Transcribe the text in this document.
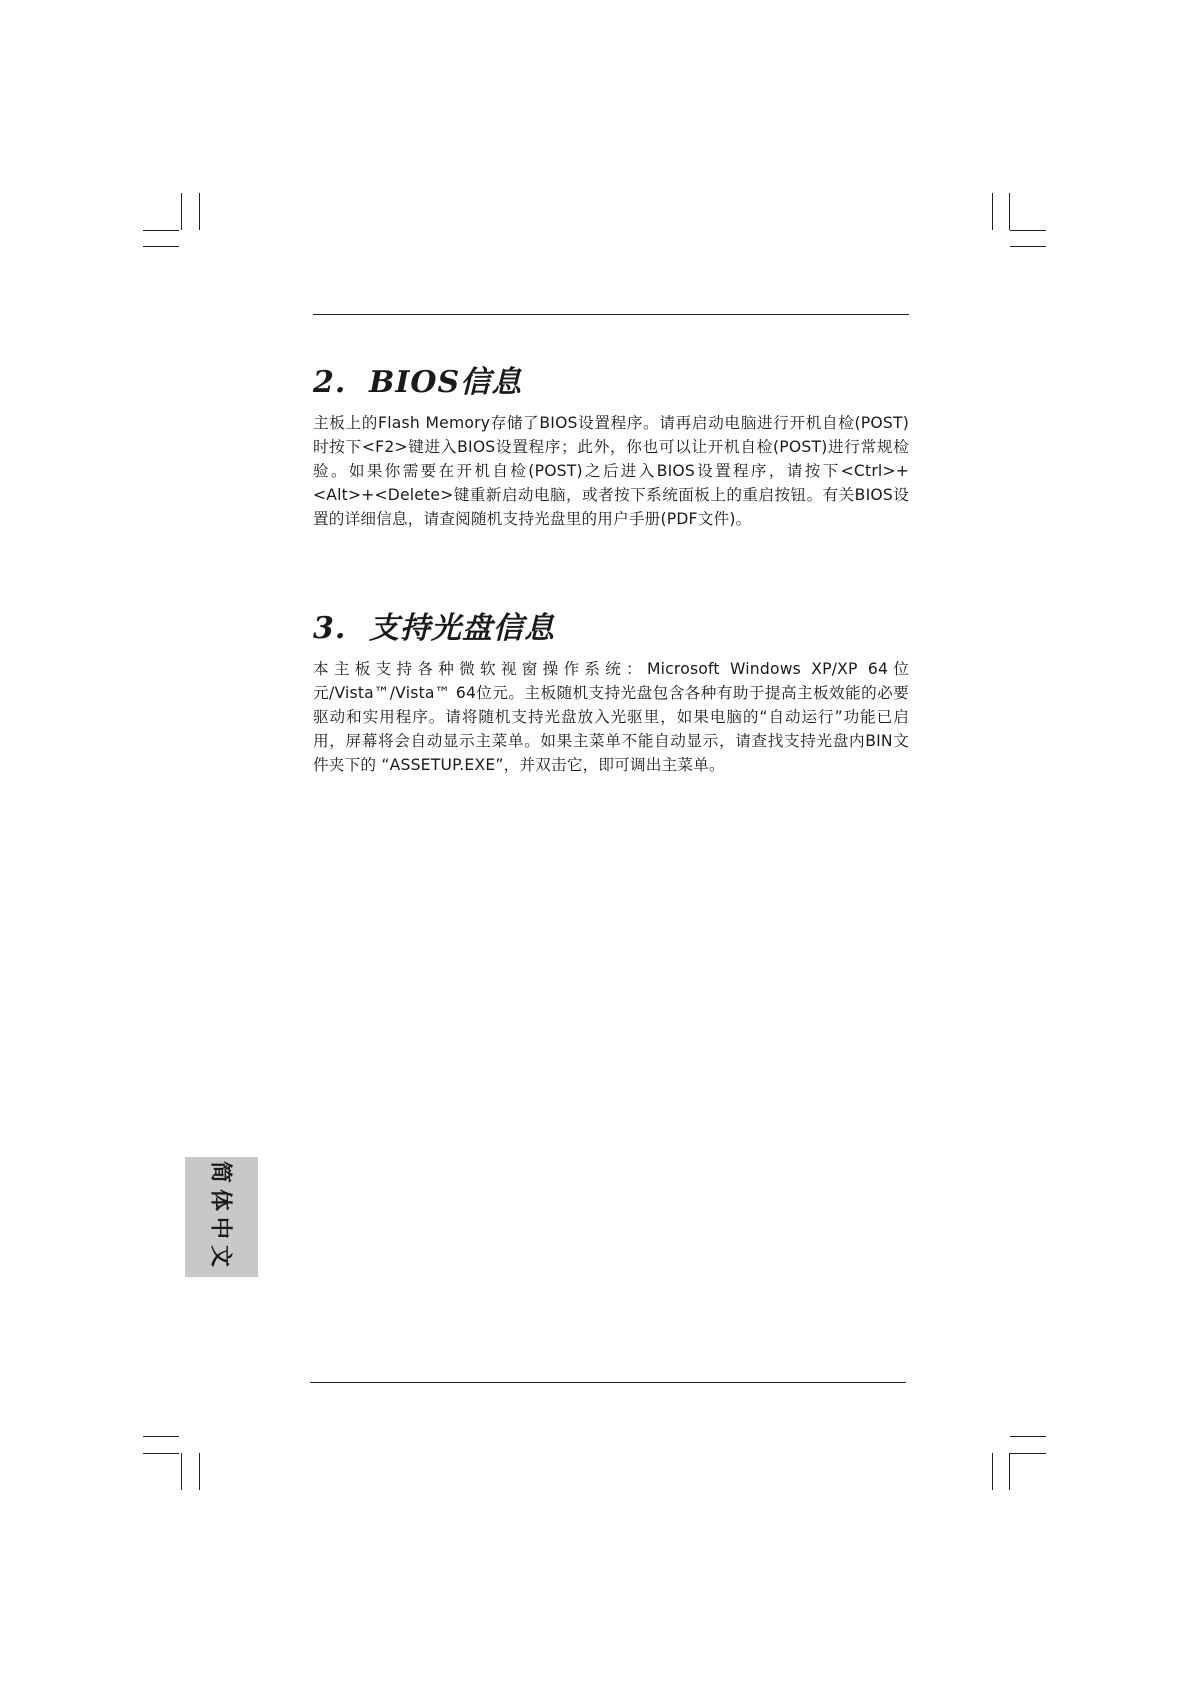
2. BIOS信息

主板上的Flash Memory存储了BIOS设置程序。请再启动电脑进行开机自检(POST)时按下<F2>键进入BIOS设置程序；此外，你也可以让开机自检(POST)进行常规检验。如果你需要在开机自检(POST)之后进入BIOS设置程序，请按下<Ctrl>+<Alt>+<Delete>键重新启动电脑，或者按下系统面板上的重启按钮。有关BIOS设置的详细信息，请查阅随机支持光盘里的用户手册(PDF文件)。

3. 支持光盘信息

本主板支持各种微软视窗操作系统：Microsoft Windows XP/XP 64位元/Vista™/Vista™ 64位元。主板随机支持光盘包含各种有助于提高主板效能的必要驱动和实用程序。请将随机支持光盘放入光驱里，如果电脑的“自动运行”功能已启用，屏幕将会自动显示主菜单。如果主菜单不能自动显示，请查找支持光盘内BIN文件夹下的 “ASSETUP.EXE”，并双击它，即可调出主菜单。

简体中文
